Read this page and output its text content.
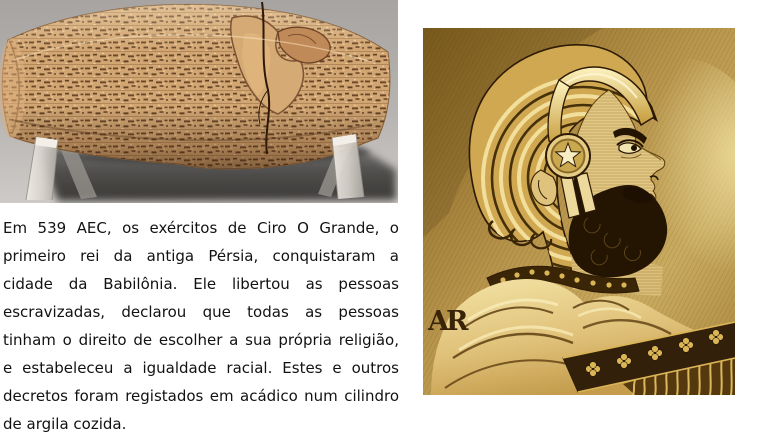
AR
Em 539 AEC, os exércitos de Ciro O Grande, o
primeiro rei da antiga Pérsia, conquistaram a
cidade da Babilônia. Ele libertou as pessoas
escravizadas, declarou que todas as pessoas
tinham o direito de escolher a sua própria religião,
e estabeleceu a igualdade racial. Estes e outros
decretos foram registados em acádico num cilindro
de argila cozida.
